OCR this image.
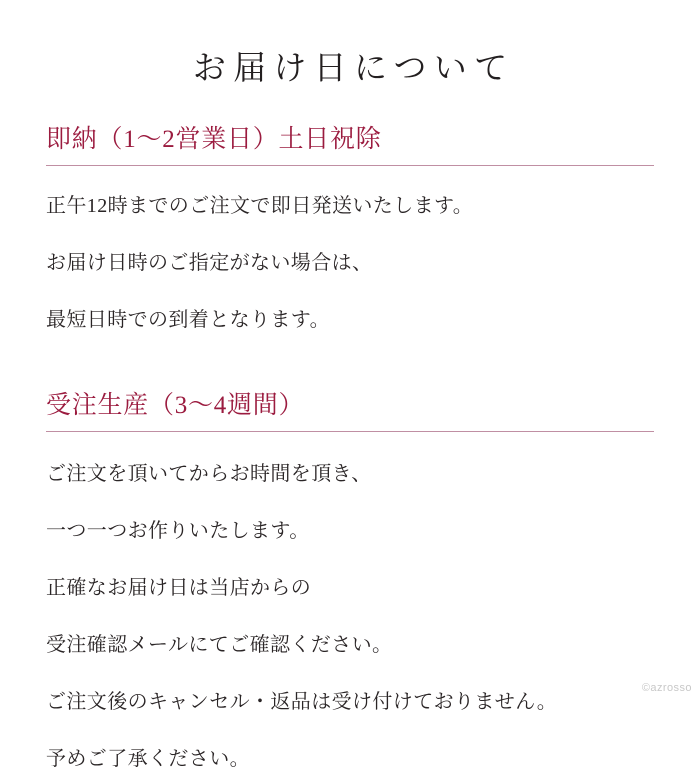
お届け日について
即納（1〜2営業日）土日祝除

正午12時までのご注文で即日発送いたします。

お届け日時のご指定がない場合は、

最短日時での到着となります。

受注生産（3〜4週間）

ご注文を頂いてからお時間を頂き、

一つ一つお作りいたします。

正確なお届け日は当店からの

受注確認メールにてご確認ください。

ご注文後のキャンセル・返品は受け付けておりません。

予めご了承ください。

©azrosso
